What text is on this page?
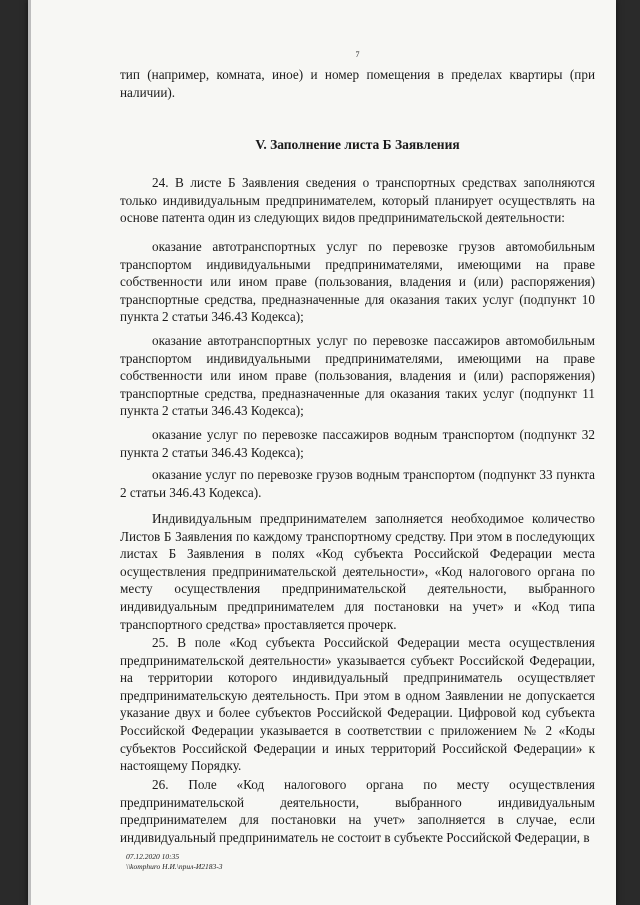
7

тип (например, комната, иное) и номер помещения в пределах квартиры (при наличии).

V. Заполнение листа Б Заявления

24. В листе Б Заявления сведения о транспортных средствах заполняются только индивидуальным предпринимателем, который планирует осуществлять на основе патента один из следующих видов предпринимательской деятельности:

оказание автотранспортных услуг по перевозке грузов автомобильным транспортом индивидуальными предпринимателями, имеющими на праве собственности или ином праве (пользования, владения и (или) распоряжения) транспортные средства, предназначенные для оказания таких услуг (подпункт 10 пункта 2 статьи 346.43 Кодекса);

оказание автотранспортных услуг по перевозке пассажиров автомобильным транспортом индивидуальными предпринимателями, имеющими на праве собственности или ином праве (пользования, владения и (или) распоряжения) транспортные средства, предназначенные для оказания таких услуг (подпункт 11 пункта 2 статьи 346.43 Кодекса);

оказание услуг по перевозке пассажиров водным транспортом (подпункт 32 пункта 2 статьи 346.43 Кодекса);

оказание услуг по перевозке грузов водным транспортом (подпункт 33 пункта 2 статьи 346.43 Кодекса).

Индивидуальным предпринимателем заполняется необходимое количество Листов Б Заявления по каждому транспортному средству. При этом в последующих листах Б Заявления в полях «Код субъекта Российской Федерации места осуществления предпринимательской деятельности», «Код налогового органа по месту осуществления предпринимательской деятельности, выбранного индивидуальным предпринимателем для постановки на учет» и «Код типа транспортного средства» проставляется прочерк.

25. В поле «Код субъекта Российской Федерации места осуществления предпринимательской деятельности» указывается субъект Российской Федерации, на территории которого индивидуальный предприниматель осуществляет предпринимательскую деятельность. При этом в одном Заявлении не допускается указание двух и более субъектов Российской Федерации. Цифровой код субъекта Российской Федерации указывается в соответствии с приложением № 2 «Коды субъектов Российской Федерации и иных территорий Российской Федерации» к настоящему Порядку.

26. Поле «Код налогового органа по месту осуществления предпринимательской деятельности, выбранного индивидуальным предпринимателем для постановки на учет» заполняется в случае, если индивидуальный предприниматель не состоит в субъекте Российской Федерации, в

07.12.2020 10:35
\\komphuro Н.И.\прил-И2183-3
